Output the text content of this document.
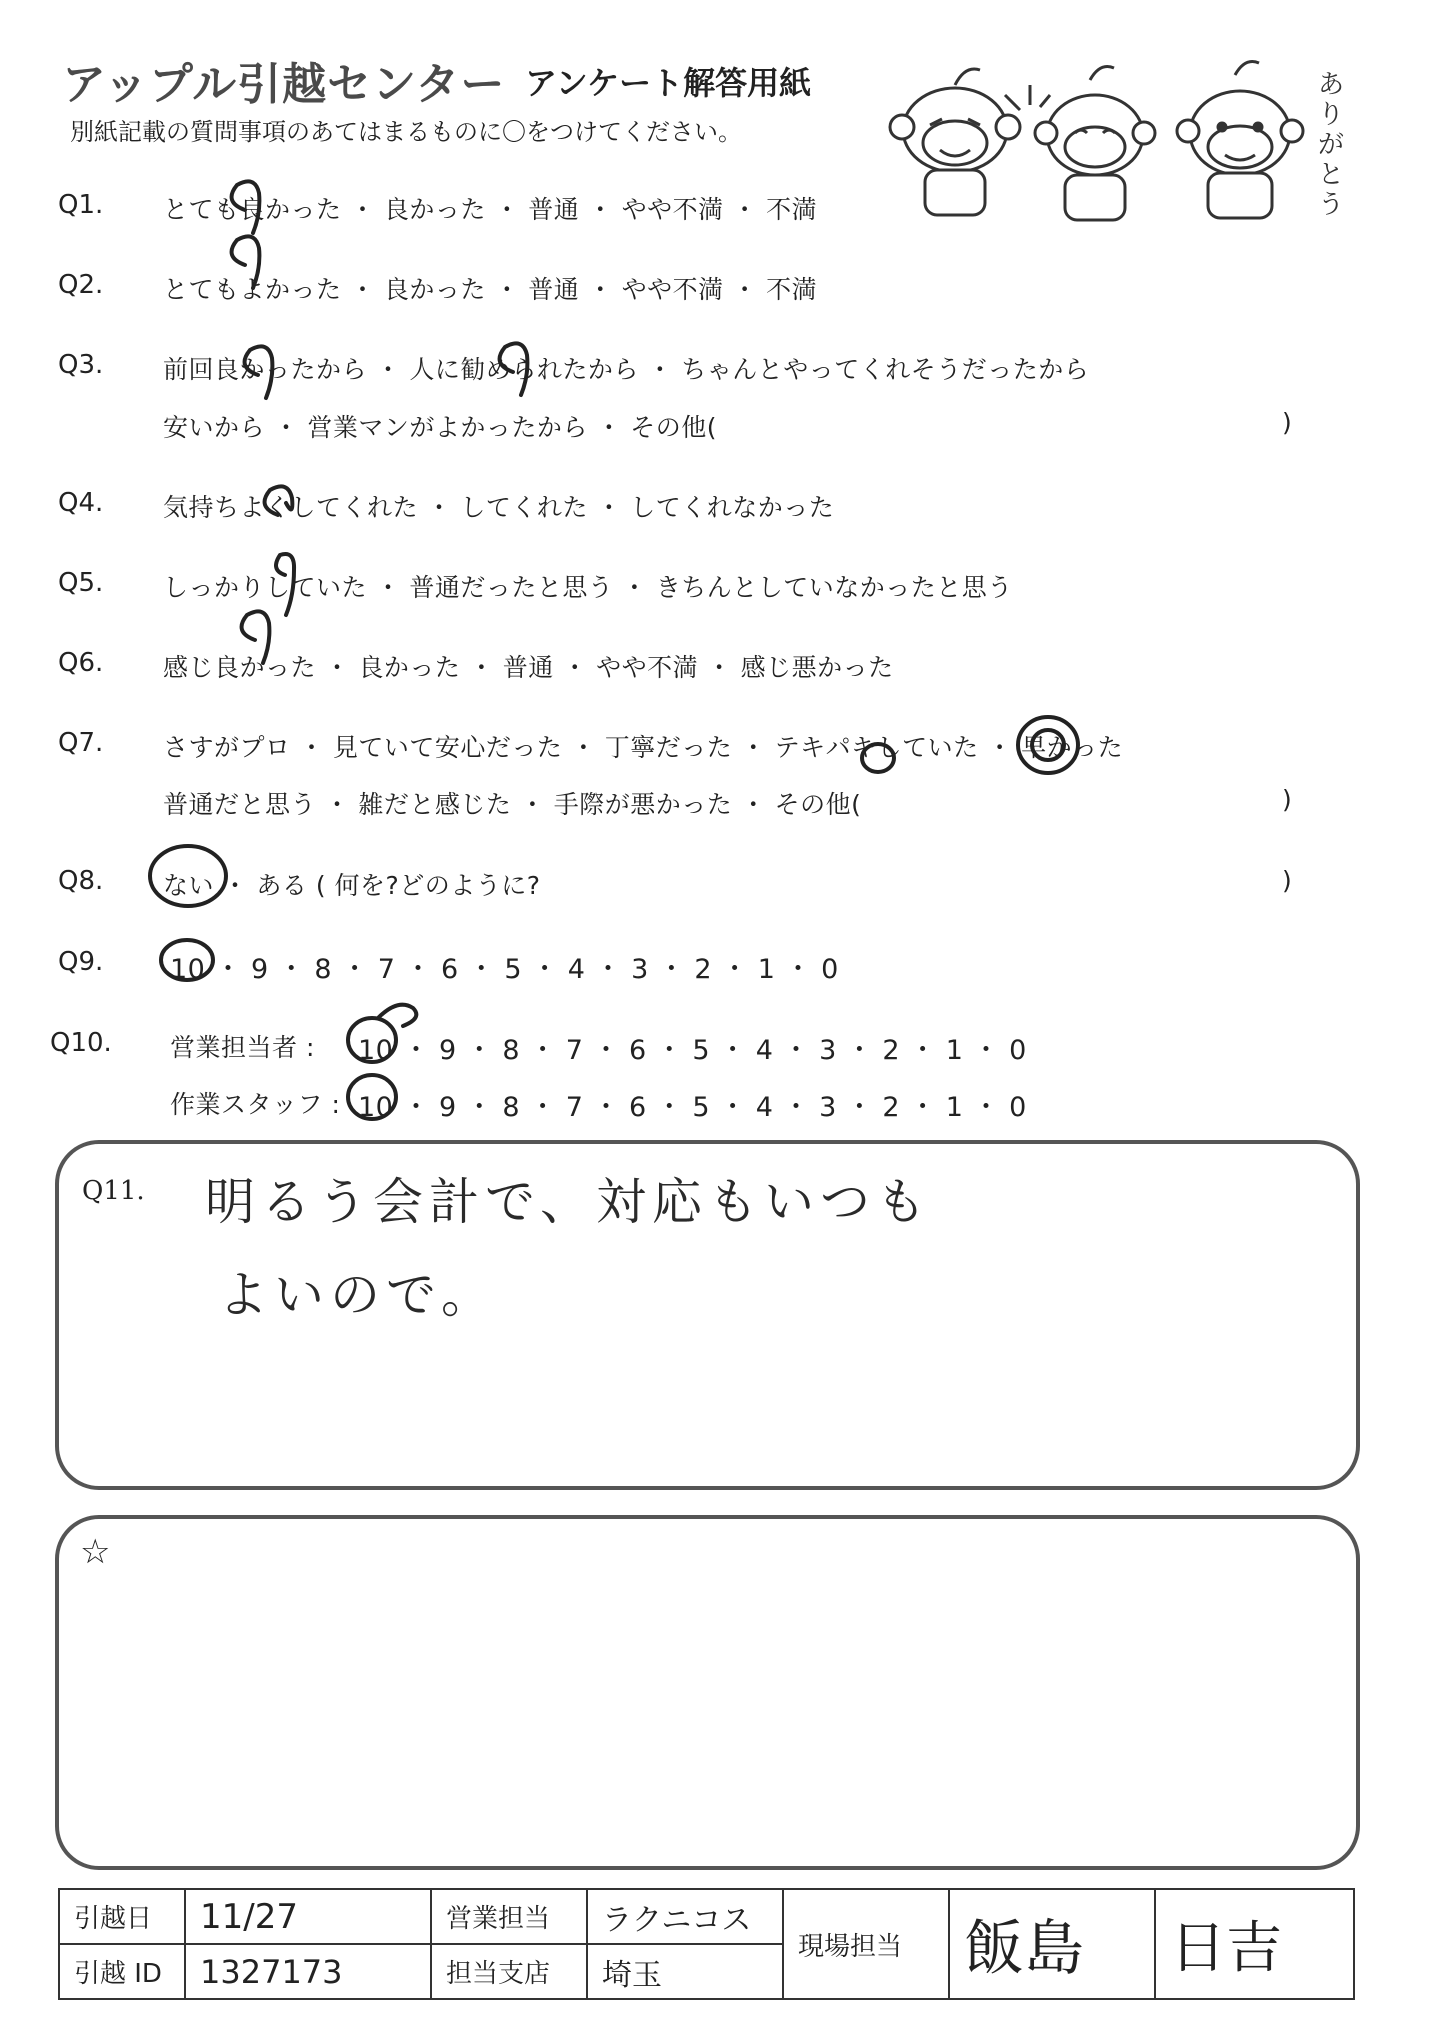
アップル引越センター アンケート解答用紙
別紙記載の質問事項のあてはまるものに〇をつけてください。
ありがとう
Q1. とても良かった ・ 良かった ・ 普通 ・ やや不満 ・ 不満
Q2. とてもよかった ・ 良かった ・ 普通 ・ やや不満 ・ 不満
Q3. 前回良かったから ・ 人に勧められたから ・ ちゃんとやってくれそうだったから
安いから ・ 営業マンがよかったから ・ その他(	)
Q4. 気持ちよくしてくれた ・ してくれた ・ してくれなかった
Q5. しっかりしていた ・ 普通だったと思う ・ きちんとしていなかったと思う
Q6. 感じ良かった ・ 良かった ・ 普通 ・ やや不満 ・ 感じ悪かった
Q7. さすがプロ ・ 見ていて安心だった ・ 丁寧だった ・ テキパキしていた ・ 早かった
普通だと思う ・ 雑だと感じた ・ 手際が悪かった ・ その他(	)
Q8. ない ・ ある ( 何を?どのように?	)
Q9. 10 ・ 9 ・ 8 ・ 7 ・ 6 ・ 5 ・ 4 ・ 3 ・ 2 ・ 1 ・ 0
Q10. 営業担当者 : 10 ・ 9 ・ 8 ・ 7 ・ 6 ・ 5 ・ 4 ・ 3 ・ 2 ・ 1 ・ 0
作業スタッフ : 10 ・ 9 ・ 8 ・ 7 ・ 6 ・ 5 ・ 4 ・ 3 ・ 2 ・ 1 ・ 0
Q11. 明るう会計で、対応もいつも
よいので。
☆
引越日	11/27	営業担当	ラクニコス	現場担当	飯島	日吉
引越 ID	1327173	担当支店	埼玉			
